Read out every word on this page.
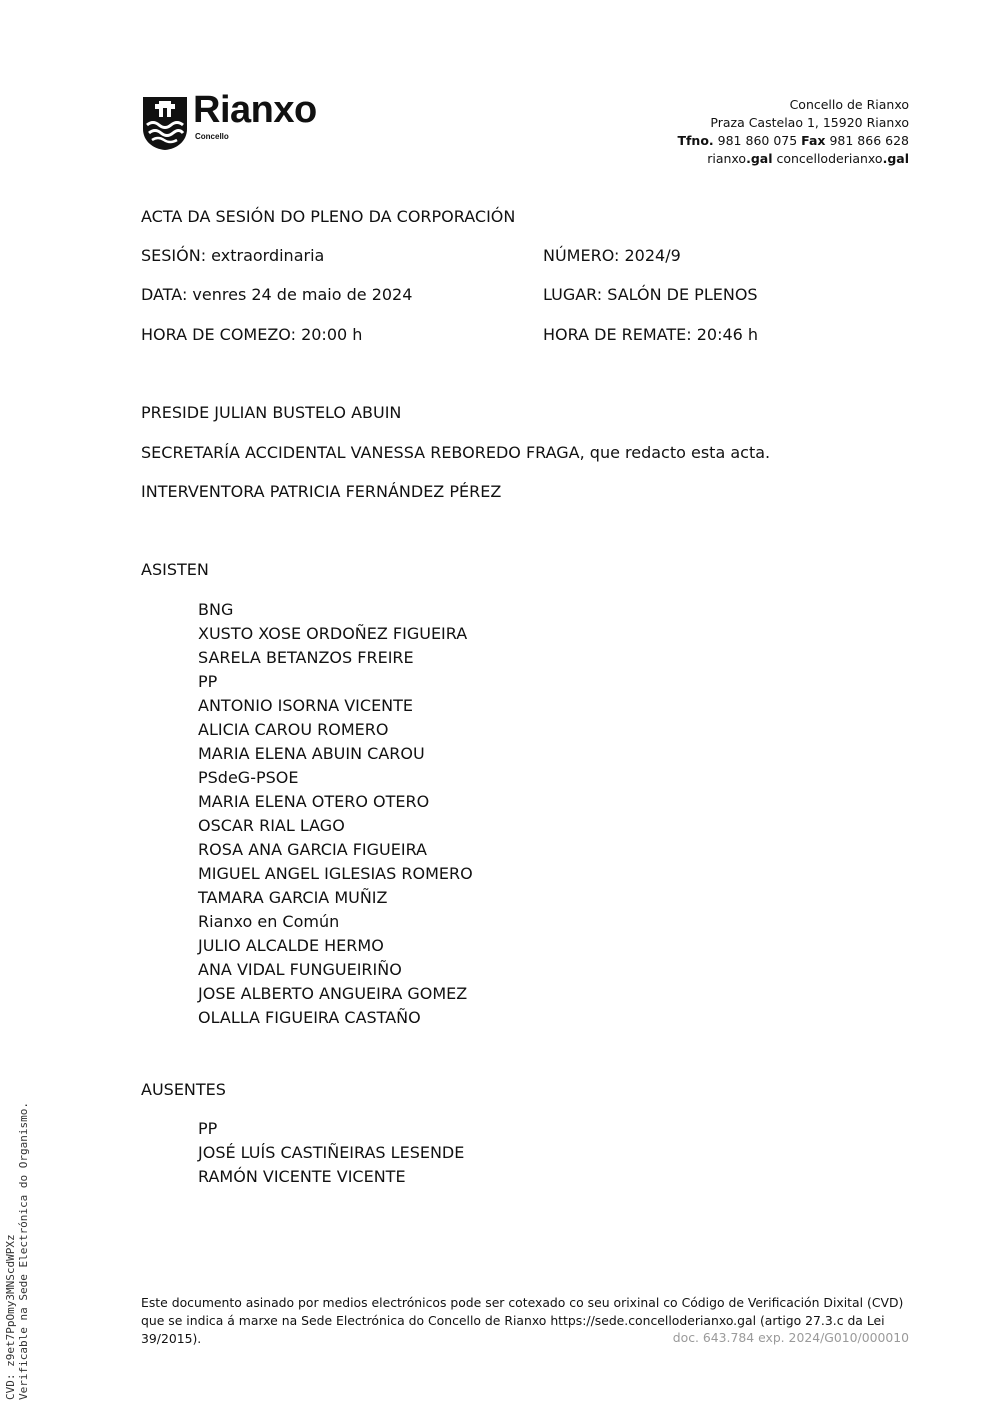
Rianxo
Concello
Concello de Rianxo
Praza Castelao 1, 15920 Rianxo
Tfno. 981 860 075 Fax 981 866 628
rianxo.gal concelloderianxo.gal
ACTA DA SESIÓN DO PLENO DA CORPORACIÓN
SESIÓN: extraordinaria	NÚMERO: 2024/9
DATA: venres 24 de maio de 2024	LUGAR: SALÓN DE PLENOS
HORA DE COMEZO: 20:00 h	HORA DE REMATE: 20:46 h
PRESIDE JULIAN BUSTELO ABUIN
SECRETARÍA ACCIDENTAL VANESSA REBOREDO FRAGA, que redacto esta acta.
INTERVENTORA PATRICIA FERNÁNDEZ PÉREZ
ASISTEN
BNG
XUSTO XOSE ORDOÑEZ FIGUEIRA
SARELA BETANZOS FREIRE
PP
ANTONIO ISORNA VICENTE
ALICIA CAROU ROMERO
MARIA ELENA ABUIN CAROU
PSdeG-PSOE
MARIA ELENA OTERO OTERO
OSCAR RIAL LAGO
ROSA ANA GARCIA FIGUEIRA
MIGUEL ANGEL IGLESIAS ROMERO
TAMARA GARCIA MUÑIZ
Rianxo en Común
JULIO ALCALDE HERMO
ANA VIDAL FUNGUEIRIÑO
JOSE ALBERTO ANGUEIRA GOMEZ
OLALLA FIGUEIRA CASTAÑO
AUSENTES
PP
JOSÉ LUÍS CASTIÑEIRAS LESENDE
RAMÓN VICENTE VICENTE
Este documento asinado por medios electrónicos pode ser cotexado co seu orixinal co Código de Verificación Dixital (CVD) que se indica á marxe na Sede Electrónica do Concello de Rianxo https://sede.concelloderianxo.gal (artigo 27.3.c da Lei 39/2015).	doc. 643.784 exp. 2024/G010/000010
CVD: z9et7PpOmy3MNScdWPXz Verificable na Sede Electrónica do Organismo.
